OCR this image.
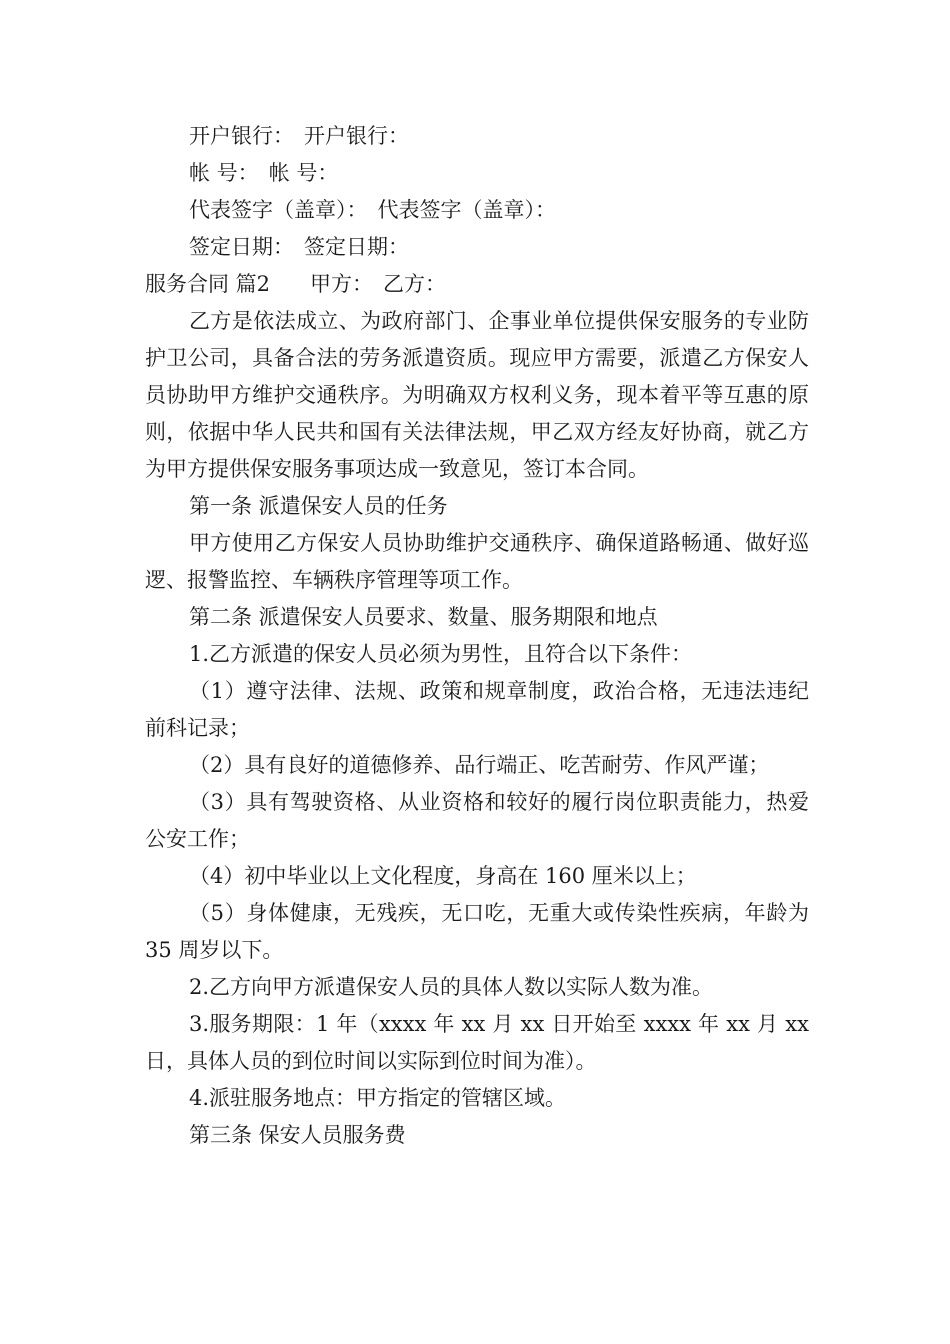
开户银行： 开户银行：

帐 号： 帐 号：

代表签字（盖章）： 代表签字（盖章）：

签定日期： 签定日期：

服务合同 篇2 甲方： 乙方：

乙方是依法成立、为政府部门、企事业单位提供保安服务的专业防护卫公司，具备合法的劳务派遣资质。现应甲方需要，派遣乙方保安人员协助甲方维护交通秩序。为明确双方权利义务，现本着平等互惠的原则，依据中华人民共和国有关法律法规，甲乙双方经友好协商，就乙方为甲方提供保安服务事项达成一致意见，签订本合同。

第一条 派遣保安人员的任务

甲方使用乙方保安人员协助维护交通秩序、确保道路畅通、做好巡逻、报警监控、车辆秩序管理等项工作。

第二条 派遣保安人员要求、数量、服务期限和地点

1.乙方派遣的保安人员必须为男性，且符合以下条件：

（1）遵守法律、法规、政策和规章制度，政治合格，无违法违纪前科记录；

（2）具有良好的道德修养、品行端正、吃苦耐劳、作风严谨；

（3）具有驾驶资格、从业资格和较好的履行岗位职责能力，热爱公安工作；

（4）初中毕业以上文化程度，身高在 160 厘米以上；

（5）身体健康，无残疾，无口吃，无重大或传染性疾病，年龄为 35 周岁以下。

2.乙方向甲方派遣保安人员的具体人数以实际人数为准。

3.服务期限：1 年（xxxx 年 xx 月 xx 日开始至 xxxx 年 xx 月 xx 日，具体人员的到位时间以实际到位时间为准）。

4.派驻服务地点：甲方指定的管辖区域。

第三条 保安人员服务费
